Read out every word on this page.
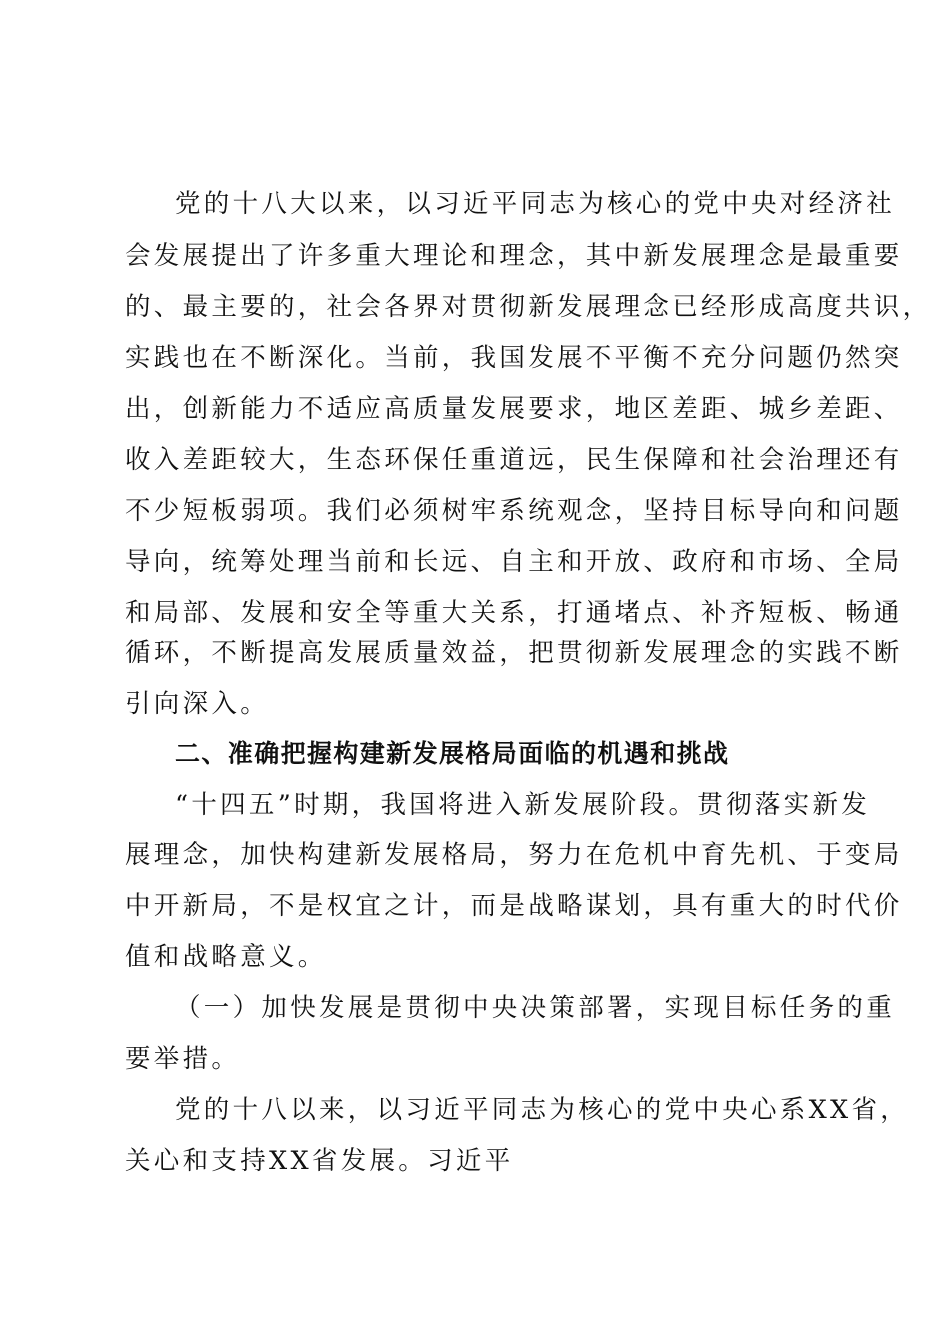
党的十八大以来，以习近平同志为核心的党中央对经济社
会发展提出了许多重大理论和理念，其中新发展理念是最重要
的、最主要的，社会各界对贯彻新发展理念已经形成高度共识，
实践也在不断深化。当前，我国发展不平衡不充分问题仍然突
出，创新能力不适应高质量发展要求，地区差距、城乡差距、
收入差距较大，生态环保任重道远，民生保障和社会治理还有
不少短板弱项。我们必须树牢系统观念，坚持目标导向和问题
导向，统筹处理当前和长远、自主和开放、政府和市场、全局
和局部、发展和安全等重大关系，打通堵点、补齐短板、畅通
循环，不断提高发展质量效益，把贯彻新发展理念的实践不断
引向深入。
二、准确把握构建新发展格局面临的机遇和挑战
“十四五”时期，我国将进入新发展阶段。贯彻落实新发
展理念，加快构建新发展格局，努力在危机中育先机、于变局
中开新局，不是权宜之计，而是战略谋划，具有重大的时代价
值和战略意义。
（一）加快发展是贯彻中央决策部署，实现目标任务的重
要举措。
党的十八以来，以习近平同志为核心的党中央心系XX省，
关心和支持XX省发展。习近平
